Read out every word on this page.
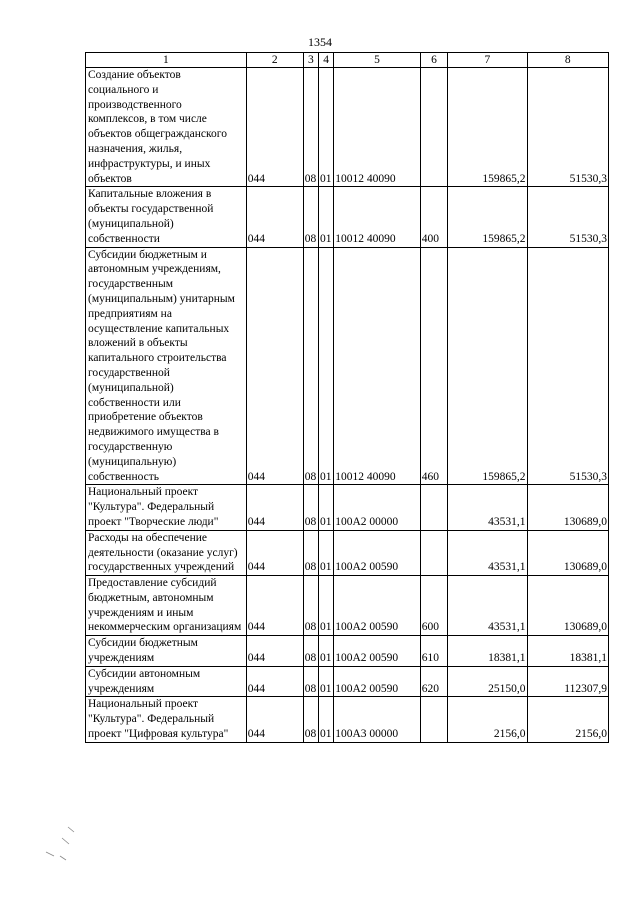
1354
1	2	3	4	5	6	7	8
Создание объектов социального и производственного комплексов, в том числе объектов общегражданского назначения, жилья, инфраструктуры, и иных объектов	044	08	01	10012 40090		159865,2	51530,3
Капитальные вложения в объекты государственной (муниципальной) собственности	044	08	01	10012 40090	400	159865,2	51530,3
Субсидии бюджетным и автономным учреждениям, государственным (муниципальным) унитарным предприятиям на осуществление капитальных вложений в объекты капитального строительства государственной (муниципальной) собственности или приобретение объектов недвижимого имущества в государственную (муниципальную) собственность	044	08	01	10012 40090	460	159865,2	51530,3
Национальный проект "Культура". Федеральный проект "Творческие люди"	044	08	01	100А2 00000		43531,1	130689,0
Расходы на обеспечение деятельности (оказание услуг) государственных учреждений	044	08	01	100А2 00590		43531,1	130689,0
Предоставление субсидий бюджетным, автономным учреждениям и иным некоммерческим организациям	044	08	01	100А2 00590	600	43531,1	130689,0
Субсидии бюджетным учреждениям	044	08	01	100А2 00590	610	18381,1	18381,1
Субсидии автономным учреждениям	044	08	01	100А2 00590	620	25150,0	112307,9
Национальный проект "Культура". Федеральный проект "Цифровая культура"	044	08	01	100А3 00000		2156,0	2156,0
